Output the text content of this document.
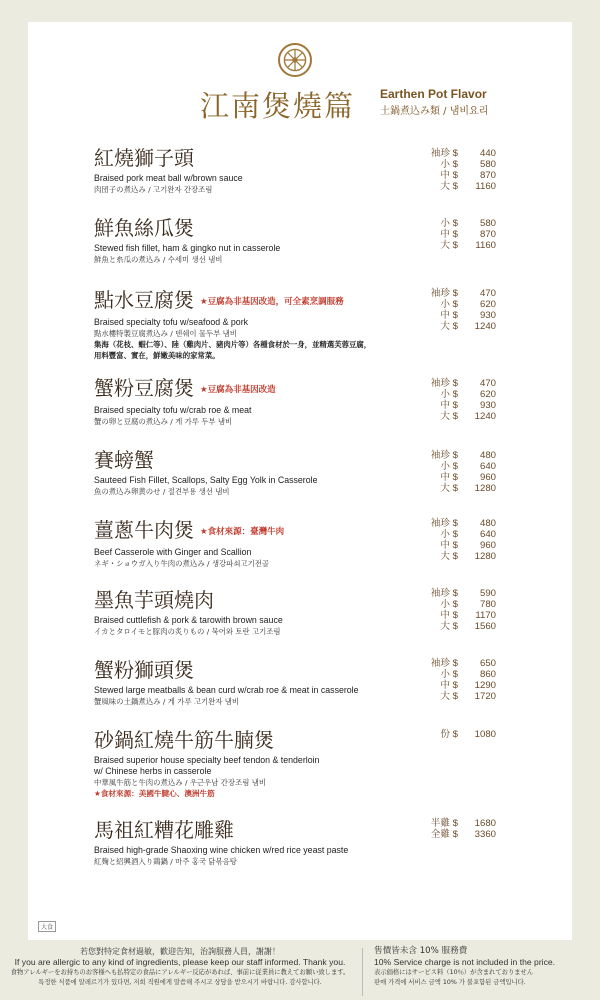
江南煲燒篇 Earthen Pot Flavor
土鍋煮込み類 / 냄비요리
紅燒獅子頭
Braised pork meat ball w/brown sauce
肉団子の煮込み / 고기완자 간장조림
袖珍 $	440
小 $	580
中 $	870
大 $	1160
鮮魚絲瓜煲
Stewed fish fillet, ham & gingko nut in casserole
鮮魚と糸瓜の煮込み / 수세미 생선 냄비
小 $	580
中 $	870
大 $	1160
點水豆腐煲 ★豆腐為非基因改造，可全素烹調服務
Braised specialty tofu w/seafood & pork
點水樓特製豆腐煮込み / 덴쉐이 물두부 냄비
集海（花枝、蝦仁等）、陸（雞肉片、豬肉片等）各種食材於一身，並精選芙蓉豆腐，
用料豐富、實在，鮮嫩美味的家常菜。
袖珍 $	470
小 $	620
中 $	930
大 $	1240
蟹粉豆腐煲 ★豆腐為非基因改造
Braised specialty tofu w/crab roe & meat
蟹の卵と豆腐の煮込み / 게 가루 두부 냄비
袖珍 $	470
小 $	620
中 $	930
大 $	1240
賽螃蟹
Sauteed Fish Fillet, Scallops, Salty Egg Yolk in Casserole
魚の煮込み卵黄のせ / 절견부용 생선 냄비
袖珍 $	480
小 $	640
中 $	960
大 $	1280
薑蔥牛肉煲 ★食材來源：臺灣牛肉
Beef Casserole with Ginger and Scallion
ネギ・ショウガ入り牛肉の煮込み / 생강파쇠고기전골
袖珍 $	480
小 $	640
中 $	960
大 $	1280
墨魚芋頭燒肉
Braised cuttlefish & pork & tarowith brown sauce
イカとタロイモと豚肉の炙りもの / 묵어와 토란 고기조림
袖珍 $	590
小 $	780
中 $	1170
大 $	1560
蟹粉獅頭煲
Stewed large meatballs & bean curd w/crab roe & meat in casserole
蟹風味の土鍋煮込み / 게 가루 고기완자 냄비
袖珍 $	650
小 $	860
中 $	1290
大 $	1720
砂鍋紅燒牛筋牛腩煲
Braised superior house specialty beef tendon & tenderloin
w/ Chinese herbs in casserole
中華風牛筋と牛肉の煮込み / 우근우남 간장조림 냄비
★食材來源：美國牛腱心、澳洲牛筋
份 $	1080
馬祖紅糟花雕雞
Braised high-grade Shaoxing wine chicken w/red rice yeast paste
紅麹と紹興酒入り鶏鍋 / 마주 홍국 닭볶음탕
半雞 $	1680
全雞 $	3360
大食
若您對特定食材過敏，歡迎告知，治詢服務人員，謝謝！
If you are allergic to any kind of ingredients, please keep our staff informed. Thank you.
食物アレルギーをお持ちのお客様へも払特定の食品にアレルギー反応があれば、事前に従業員に教えてお願い致します。
특정한 식품에 알레르기가 있다면, 저희 직원에게 말씀해 주시고 상담을 받으시기 바랍니다. 감사합니다.
售價皆未含 10% 服務費
10% Service charge is not included in the price.
表示価格にはサービス料（10％）が含まれておりません
판매 가격에 서비스 금액 10% 가 불포함된 금액입니다.
